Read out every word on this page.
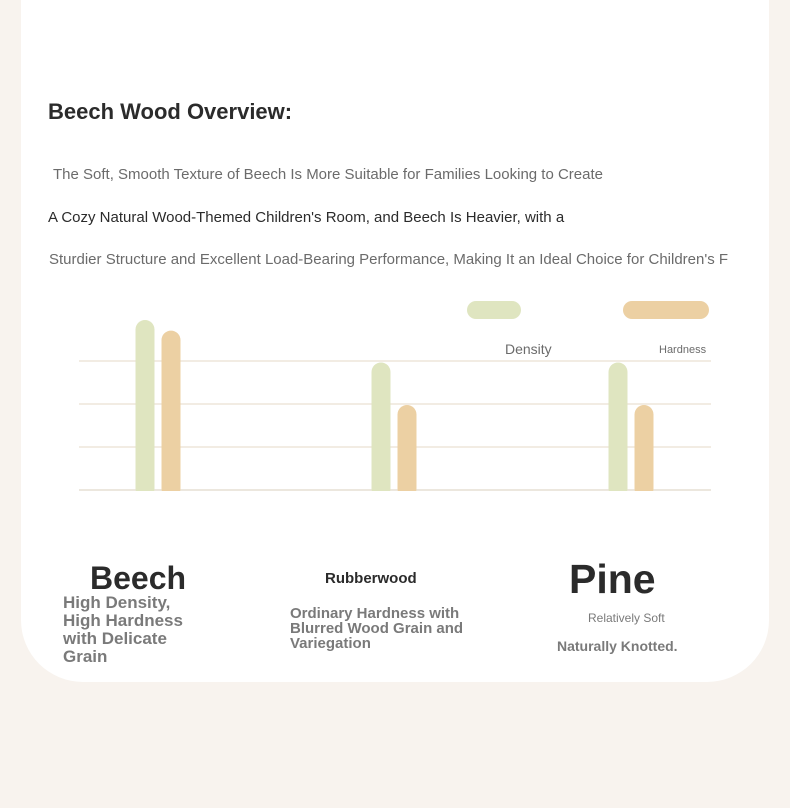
Beech Wood Overview:

The Soft, Smooth Texture of Beech Is More Suitable for Families Looking to Create

A Cozy Natural Wood-Themed Children's Room, and Beech Is Heavier, with a

Sturdier Structure and Excellent Load-Bearing Performance, Making It an Ideal Choice for Children's F

Density	Hardness
Beech

High Density, High Hardness with Delicate Grain

Rubberwood

Ordinary Hardness with Blurred Wood Grain and Variegation

Pine

Relatively Soft

Naturally Knotted.
